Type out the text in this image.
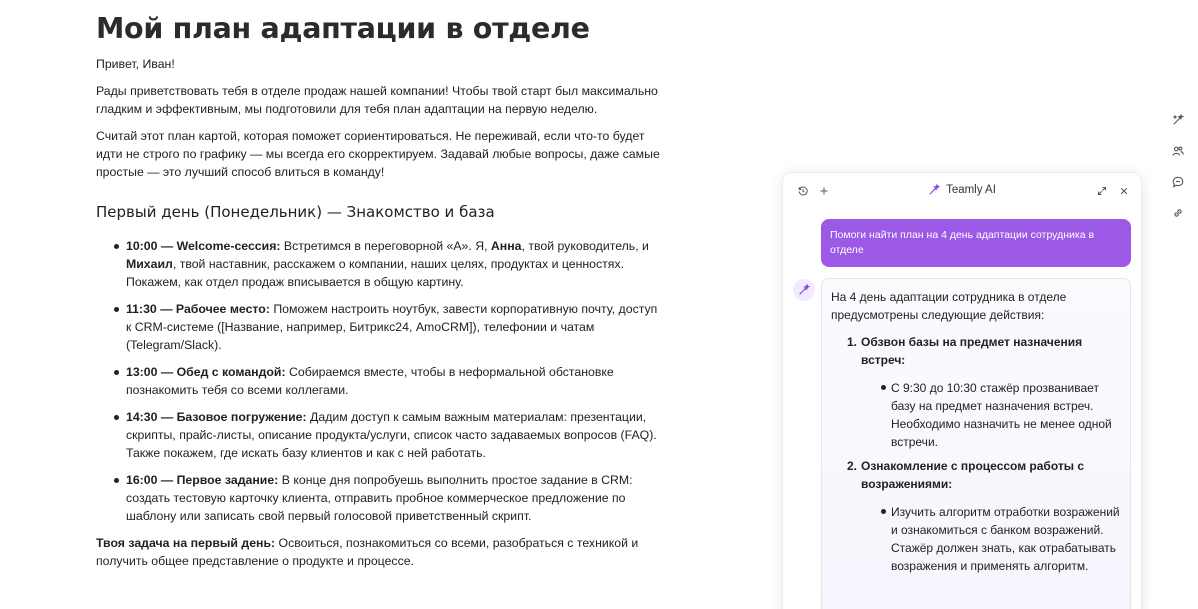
Мой план адаптации в отделе

Привет, Иван!

Рады приветствовать тебя в отделе продаж нашей компании! Чтобы твой старт был максимально гладким и эффективным, мы подготовили для тебя план адаптации на первую неделю.

Считай этот план картой, которая поможет сориентироваться. Не переживай, если что-то будет идти не строго по графику — мы всегда его скорректируем. Задавай любые вопросы, даже самые простые — это лучший способ влиться в команду!

Первый день (Понедельник) — Знакомство и база
10:00 — Welcome-сессия: Встретимся в переговорной «А». Я, Анна, твой руководитель, и Михаил, твой наставник, расскажем о компании, наших целях, продуктах и ценностях. Покажем, как отдел продаж вписывается в общую картину.
11:30 — Рабочее место: Поможем настроить ноутбук, завести корпоративную почту, доступ к CRM-системе ([Название, например, Битрикс24, AmoCRM]), телефонии и чатам (Telegram/Slack).
13:00 — Обед с командой: Собираемся вместе, чтобы в неформальной обстановке познакомить тебя со всеми коллегами.
14:30 — Базовое погружение: Дадим доступ к самым важным материалам: презентации, скрипты, прайс-листы, описание продукта/услуги, список часто задаваемых вопросов (FAQ). Также покажем, где искать базу клиентов и как с ней работать.
16:00 — Первое задание: В конце дня попробуешь выполнить простое задание в CRM: создать тестовую карточку клиента, отправить пробное коммерческое предложение по шаблону или записать свой первый голосовой приветственный скрипт.

Твоя задача на первый день: Освоиться, познакомиться со всеми, разобраться с техникой и получить общее представление о продукте и процессе.

Teamly AI
Помоги найти план на 4 день адаптации сотрудника в отделе
На 4 день адаптации сотрудника в отделе предусмотрены следующие действия:
1. Обзвон базы на предмет назначения встреч:
С 9:30 до 10:30 стажёр прозванивает базу на предмет назначения встреч. Необходимо назначить не менее одной встречи.
2. Ознакомление с процессом работы с возражениями:
Изучить алгоритм отработки возражений и ознакомиться с банком возражений. Стажёр должен знать, как отрабатывать возражения и применять алгоритм.
